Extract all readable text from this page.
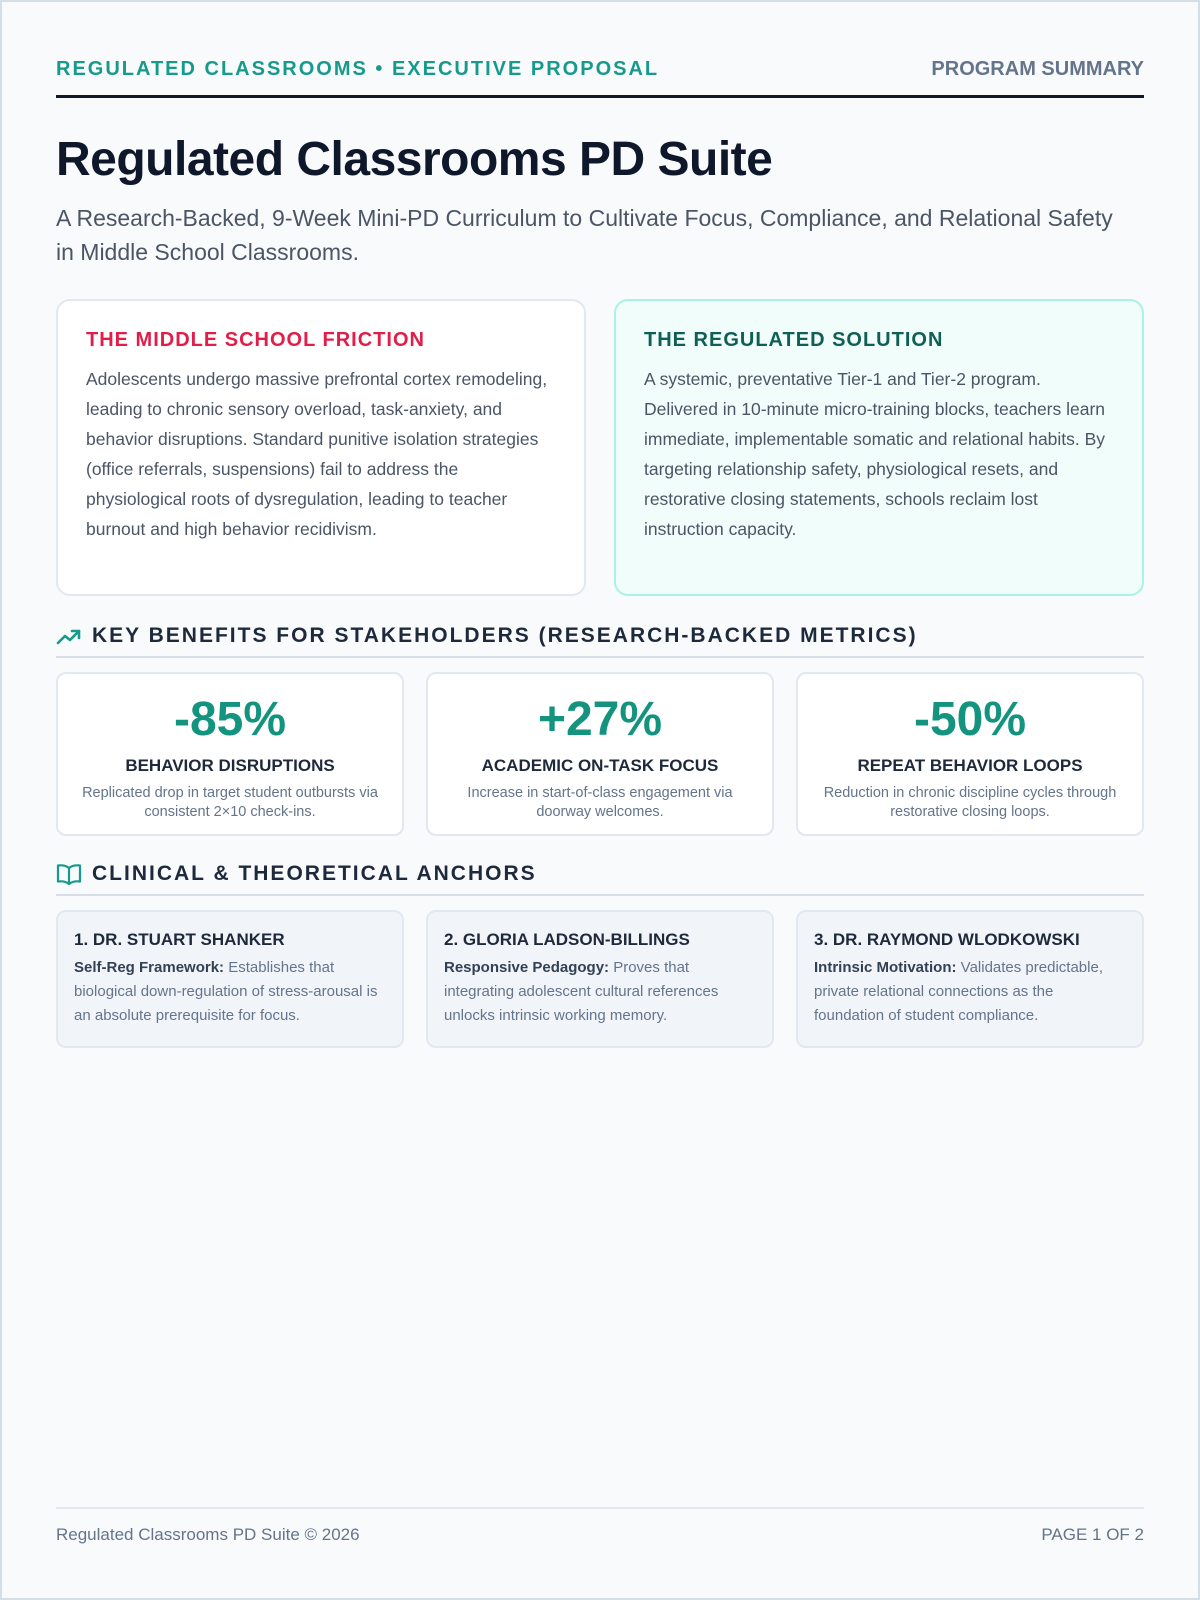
REGULATED CLASSROOMS • EXECUTIVE PROPOSAL	PROGRAM SUMMARY
Regulated Classrooms PD Suite

A Research-Backed, 9-Week Mini-PD Curriculum to Cultivate Focus, Compliance, and Relational Safety in Middle School Classrooms.

THE MIDDLE SCHOOL FRICTION
Adolescents undergo massive prefrontal cortex remodeling, leading to chronic sensory overload, task-anxiety, and behavior disruptions. Standard punitive isolation strategies (office referrals, suspensions) fail to address the physiological roots of dysregulation, leading to teacher burnout and high behavior recidivism.
THE REGULATED SOLUTION
A systemic, preventative Tier-1 and Tier-2 program. Delivered in 10-minute micro-training blocks, teachers learn immediate, implementable somatic and relational habits. By targeting relationship safety, physiological resets, and restorative closing statements, schools reclaim lost instruction capacity.
KEY BENEFITS FOR STAKEHOLDERS (RESEARCH-BACKED METRICS)
-85%
BEHAVIOR DISRUPTIONS
Replicated drop in target student outbursts via consistent 2×10 check-ins.
+27%
ACADEMIC ON-TASK FOCUS
Increase in start-of-class engagement via doorway welcomes.
-50%
REPEAT BEHAVIOR LOOPS
Reduction in chronic discipline cycles through restorative closing loops.
CLINICAL & THEORETICAL ANCHORS
1. DR. STUART SHANKER
Self-Reg Framework: Establishes that biological down-regulation of stress-arousal is an absolute prerequisite for focus.
2. GLORIA LADSON-BILLINGS
Responsive Pedagogy: Proves that integrating adolescent cultural references unlocks intrinsic working memory.
3. DR. RAYMOND WLODKOWSKI
Intrinsic Motivation: Validates predictable, private relational connections as the foundation of student compliance.
Regulated Classrooms PD Suite © 2026	PAGE 1 OF 2
